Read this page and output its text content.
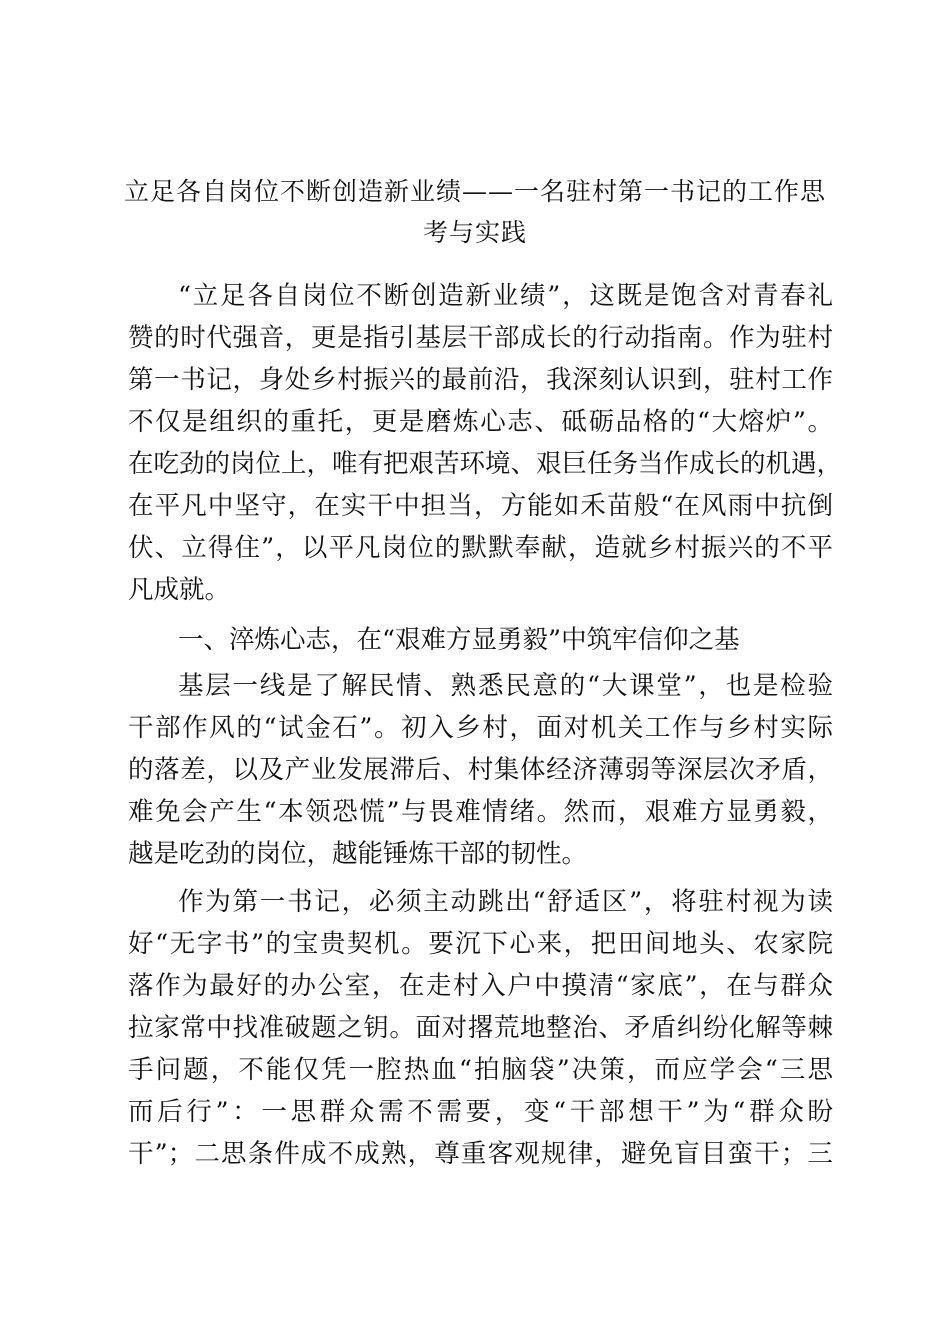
立足各自岗位不断创造新业绩——一名驻村第一书记的工作思
考与实践
“立足各自岗位不断创造新业绩”，这既是饱含对青春礼
赞的时代强音，更是指引基层干部成长的行动指南。作为驻村
第一书记，身处乡村振兴的最前沿，我深刻认识到，驻村工作
不仅是组织的重托，更是磨炼心志、砥砺品格的“大熔炉”。
在吃劲的岗位上，唯有把艰苦环境、艰巨任务当作成长的机遇，
在平凡中坚守，在实干中担当，方能如禾苗般“在风雨中抗倒
伏、立得住”，以平凡岗位的默默奉献，造就乡村振兴的不平
凡成就。
一、淬炼心志，在“艰难方显勇毅”中筑牢信仰之基
基层一线是了解民情、熟悉民意的“大课堂”，也是检验
干部作风的“试金石”。初入乡村，面对机关工作与乡村实际
的落差，以及产业发展滞后、村集体经济薄弱等深层次矛盾，
难免会产生“本领恐慌”与畏难情绪。然而，艰难方显勇毅，
越是吃劲的岗位，越能锤炼干部的韧性。
作为第一书记，必须主动跳出“舒适区”，将驻村视为读
好“无字书”的宝贵契机。要沉下心来，把田间地头、农家院
落作为最好的办公室，在走村入户中摸清“家底”，在与群众
拉家常中找准破题之钥。面对撂荒地整治、矛盾纠纷化解等棘
手问题，不能仅凭一腔热血“拍脑袋”决策，而应学会“三思
而后行”：一思群众需不需要，变“干部想干”为“群众盼
干”；二思条件成不成熟，尊重客观规律，避免盲目蛮干；三
